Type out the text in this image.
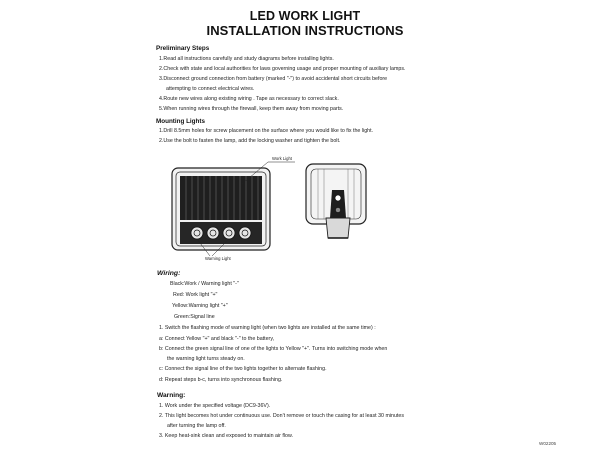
LED WORK LIGHT
INSTALLATION INSTRUCTIONS
Preliminary Steps
1.Read all instructions carefully and study diagrams before installing lights.
2.Check with state and local authorities for laws governing usage and proper mounting of auxiliary lamps.
3.Disconnect ground connection from battery (marked "-") to avoid accidental short circuits before
attempting to connect electrical wires.
4.Route new wires along existing wiring . Tape as necessary to correct slack.
5.When running wires through the firewall, keep them away from moving parts.
Mounting Lights
1.Drill 8.5mm holes for screw placement on the surface where you would like to fix the light.
2.Use the bolt to fasten the lamp, add the locking washer and tighten the bolt.
Work Light
Warning Light
Wiring:
Black:Work / Warning light "-"
Red: Work light "+"
Yellow:Warning light "+"
Green:Signal line
1. Switch the flashing mode of warning light (when two lights are installed at the same time) :
a: Connect Yellow "+" and black "-" to the battery,
b: Connect the green signal line of one of the lights to Yellow "+". Turns into switching mode when
the warning light turns steady on.
c: Connect the signal line of the two lights together to alternate flashing.
d: Repeat steps b-c, turns into synchronous flashing.
Warning:
1. Work under the specified voltage (DC9-36V).
2. This light becomes hot under continuous use. Don't remove or touch the casing for at least 30 minutes
after turning the lamp off.
3. Keep heat-sink clean and exposed to maintain air flow.
W02205
